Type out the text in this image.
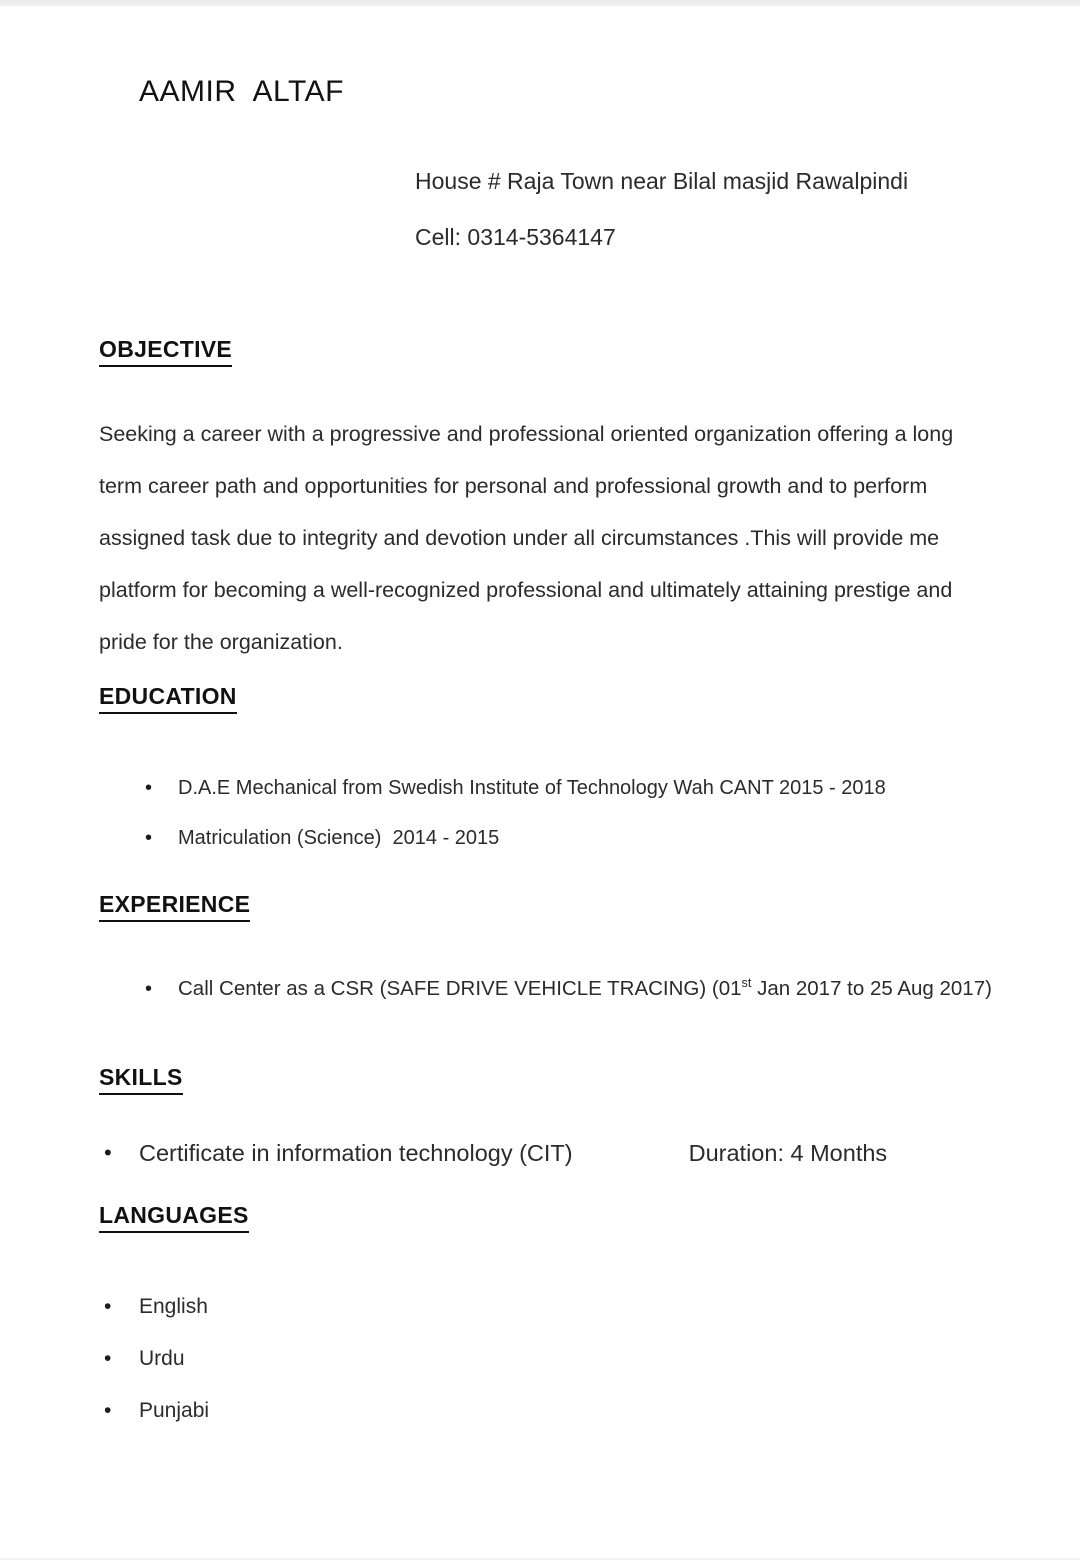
AAMIR  ALTAF
House # Raja Town near Bilal masjid Rawalpindi
Cell: 0314-5364147
OBJECTIVE
Seeking a career with a progressive and professional oriented organization offering a long
term career path and opportunities for personal and professional growth and to perform
assigned task due to integrity and devotion under all circumstances .This will provide me
platform for becoming a well-recognized professional and ultimately attaining prestige and
pride for the organization.
EDUCATION
• D.A.E Mechanical from Swedish Institute of Technology Wah CANT 2015 - 2018
• Matriculation (Science)  2014 - 2015
EXPERIENCE
• Call Center as a CSR (SAFE DRIVE VEHICLE TRACING) (01st Jan 2017 to 25 Aug 2017)
SKILLS
• Certificate in information technology (CIT)	Duration: 4 Months
LANGUAGES
• English
• Urdu
• Punjabi
